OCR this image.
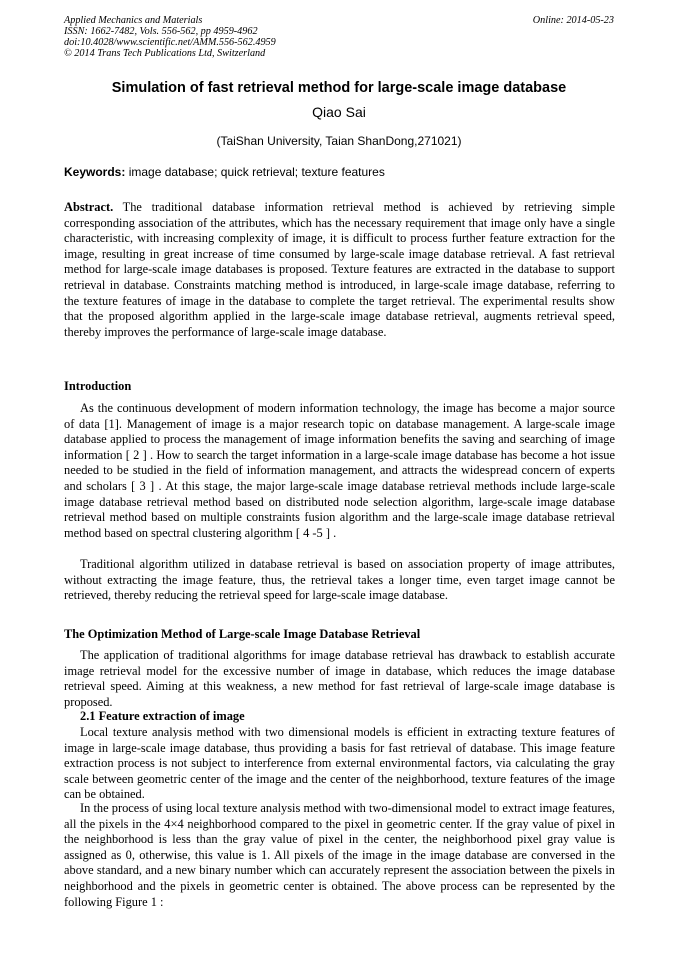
Applied Mechanics and Materials
ISSN: 1662-7482, Vols. 556-562, pp 4959-4962
doi:10.4028/www.scientific.net/AMM.556-562.4959
© 2014 Trans Tech Publications Ltd, Switzerland
Online: 2014-05-23
Simulation of fast retrieval method for large-scale image database
Qiao Sai
(TaiShan University, Taian ShanDong,271021)
Keywords: image database; quick retrieval; texture features

Abstract. The traditional database information retrieval method is achieved by retrieving simple corresponding association of the attributes, which has the necessary requirement that image only have a single characteristic, with increasing complexity of image, it is difficult to process further feature extraction for the image, resulting in great increase of time consumed by large-scale image database retrieval. A fast retrieval method for large-scale image databases is proposed. Texture features are extracted in the database to support retrieval in database. Constraints matching method is introduced, in large-scale image database, referring to the texture features of image in the database to complete the target retrieval. The experimental results show that the proposed algorithm applied in the large-scale image database retrieval, augments retrieval speed, thereby improves the performance of large-scale image database.

Introduction

As the continuous development of modern information technology, the image has become a major source of data [1]. Management of image is a major research topic on database management. A large-scale image database applied to process the management of image information benefits the saving and searching of image information [ 2 ] . How to search the target information in a large-scale image database has become a hot issue needed to be studied in the field of information management, and attracts the widespread concern of experts and scholars [ 3 ] . At this stage, the major large-scale image database retrieval methods include large-scale image database retrieval method based on distributed node selection algorithm, large-scale image database retrieval method based on multiple constraints fusion algorithm and the large-scale image database retrieval method based on spectral clustering algorithm [ 4 -5 ] .

Traditional algorithm utilized in database retrieval is based on association property of image attributes, without extracting the image feature, thus, the retrieval takes a longer time, even target image cannot be retrieved, thereby reducing the retrieval speed for large-scale image database.

The Optimization Method of Large-scale Image Database Retrieval

The application of traditional algorithms for image database retrieval has drawback to establish accurate image retrieval model for the excessive number of image in database, which reduces the image database retrieval speed. Aiming at this weakness, a new method for fast retrieval of large-scale image database is proposed.

2.1 Feature extraction of image

Local texture analysis method with two dimensional models is efficient in extracting texture features of image in large-scale image database, thus providing a basis for fast retrieval of database. This image feature extraction process is not subject to interference from external environmental factors, via calculating the gray scale between geometric center of the image and the center of the neighborhood, texture features of the image can be obtained.

In the process of using local texture analysis method with two-dimensional model to extract image features, all the pixels in the 4×4 neighborhood compared to the pixel in geometric center. If the gray value of pixel in the neighborhood is less than the gray value of pixel in the center, the neighborhood pixel gray value is assigned as 0, otherwise, this value is 1. All pixels of the image in the image database are conversed in the above standard, and a new binary number which can accurately represent the association between the pixels in neighborhood and the pixels in geometric center is obtained. The above process can be represented by the following Figure 1 :
